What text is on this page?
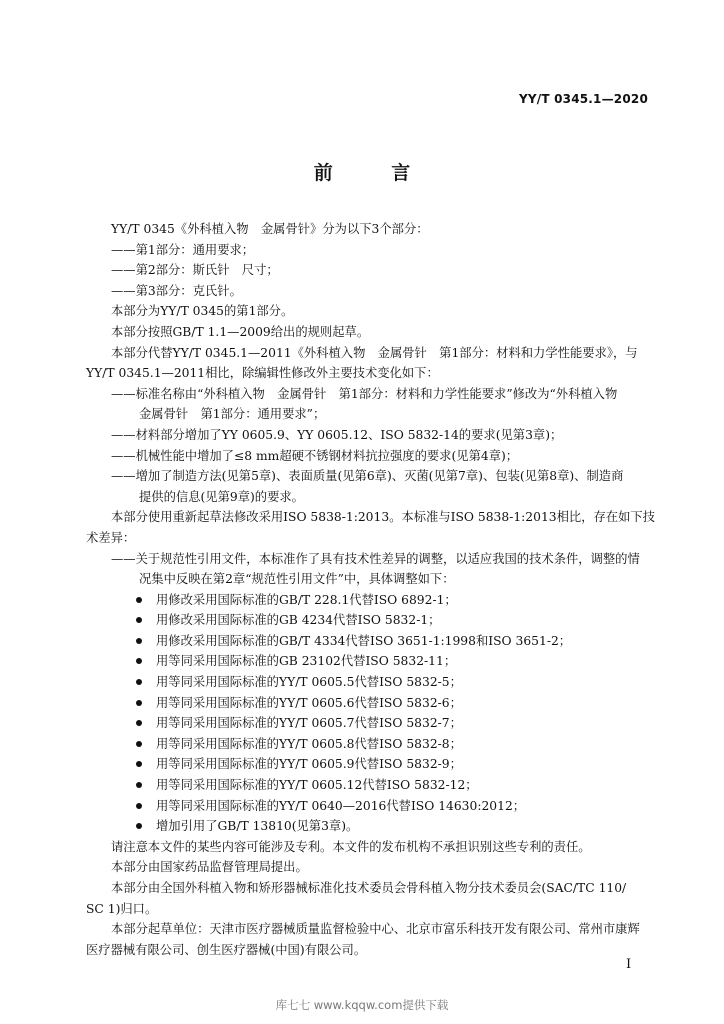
YY/T 0345.1—2020
前 言
YY/T 0345《外科植入物　金属骨针》分为以下3个部分：
——第1部分：通用要求；
——第2部分：斯氏针　尺寸；
——第3部分：克氏针。
本部分为YY/T 0345的第1部分。
本部分按照GB/T 1.1—2009给出的规则起草。
本部分代替YY/T 0345.1—2011《外科植入物　金属骨针　第1部分：材料和力学性能要求》，与
YY/T 0345.1—2011相比，除编辑性修改外主要技术变化如下：
——标准名称由“外科植入物　金属骨针　第1部分：材料和力学性能要求”修改为“外科植入物
金属骨针　第1部分：通用要求”；
——材料部分增加了YY 0605.9、YY 0605.12、ISO 5832-14的要求(见第3章)；
——机械性能中增加了≤8 mm超硬不锈钢材料抗拉强度的要求(见第4章)；
——增加了制造方法(见第5章)、表面质量(见第6章)、灭菌(见第7章)、包装(见第8章)、制造商
提供的信息(见第9章)的要求。
本部分使用重新起草法修改采用ISO 5838-1:2013。本标准与ISO 5838-1:2013相比，存在如下技
术差异：
——关于规范性引用文件，本标准作了具有技术性差异的调整，以适应我国的技术条件，调整的情
况集中反映在第2章“规范性引用文件”中，具体调整如下：
用修改采用国际标准的GB/T 228.1代替ISO 6892-1；
用修改采用国际标准的GB 4234代替ISO 5832-1；
用修改采用国际标准的GB/T 4334代替ISO 3651-1:1998和ISO 3651-2；
用等同采用国际标准的GB 23102代替ISO 5832-11；
用等同采用国际标准的YY/T 0605.5代替ISO 5832-5；
用等同采用国际标准的YY/T 0605.6代替ISO 5832-6；
用等同采用国际标准的YY/T 0605.7代替ISO 5832-7；
用等同采用国际标准的YY/T 0605.8代替ISO 5832-8；
用等同采用国际标准的YY/T 0605.9代替ISO 5832-9；
用等同采用国际标准的YY/T 0605.12代替ISO 5832-12；
用等同采用国际标准的YY/T 0640—2016代替ISO 14630:2012；
增加引用了GB/T 13810(见第3章)。
请注意本文件的某些内容可能涉及专利。本文件的发布机构不承担识别这些专利的责任。
本部分由国家药品监督管理局提出。
本部分由全国外科植入物和矫形器械标准化技术委员会骨科植入物分技术委员会(SAC/TC 110/
SC 1)归口。
本部分起草单位：天津市医疗器械质量监督检验中心、北京市富乐科技开发有限公司、常州市康辉
医疗器械有限公司、创生医疗器械(中国)有限公司。
I
库七七 www.kqqw.com提供下载
